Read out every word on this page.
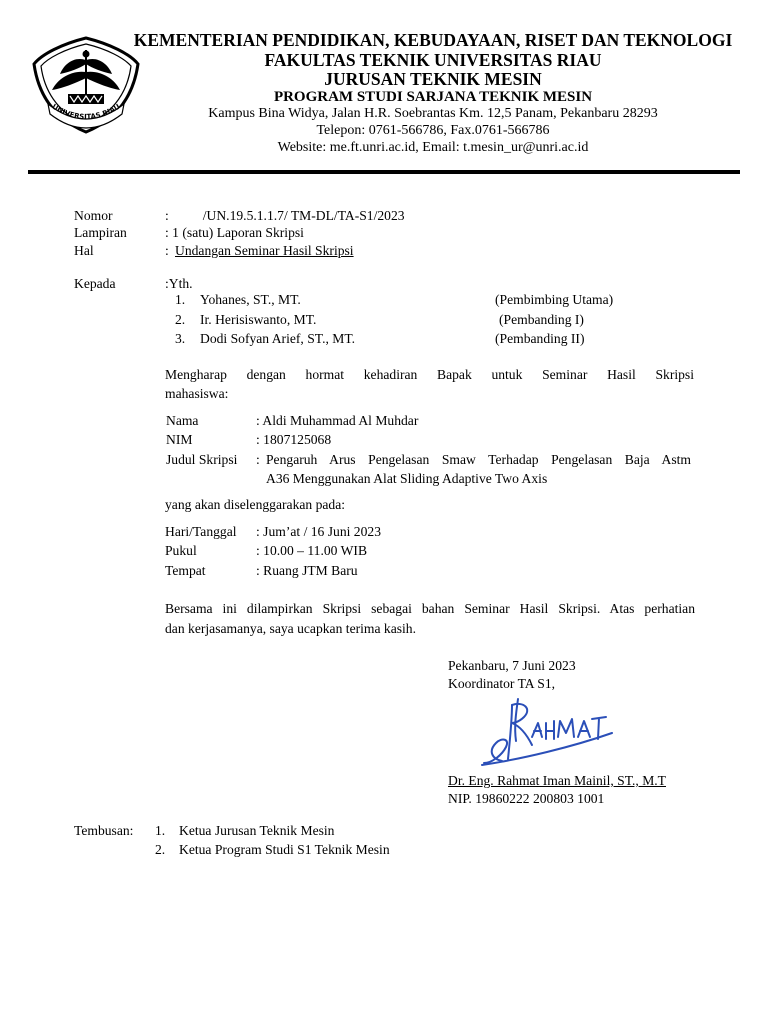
UNIVERSITAS RIAU
KEMENTERIAN PENDIDIKAN, KEBUDAYAAN, RISET DAN TEKNOLOGI
FAKULTAS TEKNIK UNIVERSITAS RIAU
JURUSAN TEKNIK MESIN
PROGRAM STUDI SARJANA TEKNIK MESIN
Kampus Bina Widya, Jalan H.R. Soebrantas Km. 12,5 Panam, Pekanbaru 28293
Telepon: 0761-566786, Fax.0761-566786
Website: me.ft.unri.ac.id, Email: t.mesin_ur@unri.ac.id
Nomor	:          /UN.19.5.1.1.7/ TM-DL/TA-S1/2023
Lampiran	: 1 (satu) Laporan Skripsi
Hal	: Undangan Seminar Hasil Skripsi
Kepada	:Yth.
1. Yohanes, ST., MT.	(Pembimbing Utama)
2. Ir. Herisiswanto, MT.	(Pembanding I)
3. Dodi Sofyan Arief, ST., MT.	(Pembanding II)
Mengharap dengan hormat kehadiran Bapak untuk Seminar Hasil Skripsi
mahasiswa:
Nama	: Aldi Muhammad Al Muhdar
NIM	: 1807125068
Judul Skripsi : Pengaruh Arus Pengelasan Smaw Terhadap Pengelasan Baja Astm
A36 Menggunakan Alat Sliding Adaptive Two Axis
yang akan diselenggarakan pada:
Hari/Tanggal : Jum’at / 16 Juni 2023
Pukul	: 10.00 – 11.00 WIB
Tempat	: Ruang JTM Baru
Bersama ini dilampirkan Skripsi sebagai bahan Seminar Hasil Skripsi. Atas perhatian
dan kerjasamanya, saya ucapkan terima kasih.
Pekanbaru, 7 Juni 2023
Koordinator TA S1,
Dr. Eng. Rahmat Iman Mainil, ST., M.T
NIP. 19860222 200803 1001
Tembusan: 1. Ketua Jurusan Teknik Mesin
2. Ketua Program Studi S1 Teknik Mesin
